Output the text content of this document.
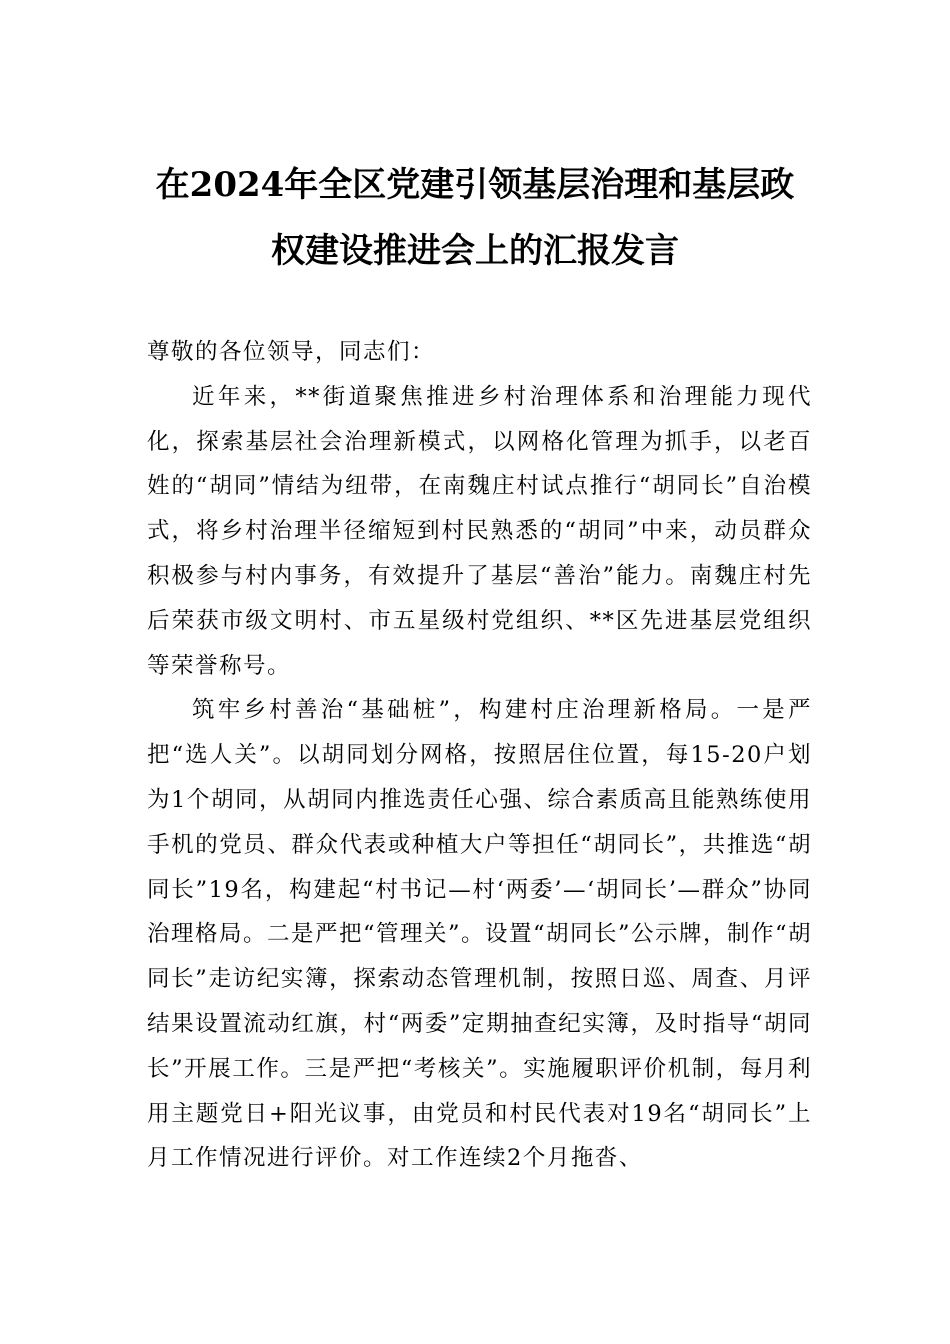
在2024年全区党建引领基层治理和基层政
权建设推进会上的汇报发言

尊敬的各位领导，同志们：

近年来，**街道聚焦推进乡村治理体系和治理能力现代化，探索基层社会治理新模式，以网格化管理为抓手，以老百姓的“胡同”情结为纽带，在南魏庄村试点推行“胡同长”自治模式，将乡村治理半径缩短到村民熟悉的“胡同”中来，动员群众积极参与村内事务，有效提升了基层“善治”能力。南魏庄村先后荣获市级文明村、市五星级村党组织、**区先进基层党组织等荣誉称号。

筑牢乡村善治“基础桩”，构建村庄治理新格局。一是严把“选人关”。以胡同划分网格，按照居住位置，每15-20户划为1个胡同，从胡同内推选责任心强、综合素质高且能熟练使用手机的党员、群众代表或种植大户等担任“胡同长”，共推选“胡同长”19名，构建起“村书记—村‘两委’—‘胡同长’—群众”协同治理格局。二是严把“管理关”。设置“胡同长”公示牌，制作“胡同长”走访纪实簿，探索动态管理机制，按照日巡、周查、月评结果设置流动红旗，村“两委”定期抽查纪实簿，及时指导“胡同长”开展工作。三是严把“考核关”。实施履职评价机制，每月利用主题党日+阳光议事，由党员和村民代表对19名“胡同长”上月工作情况进行评价。对工作连续2个月拖沓、
